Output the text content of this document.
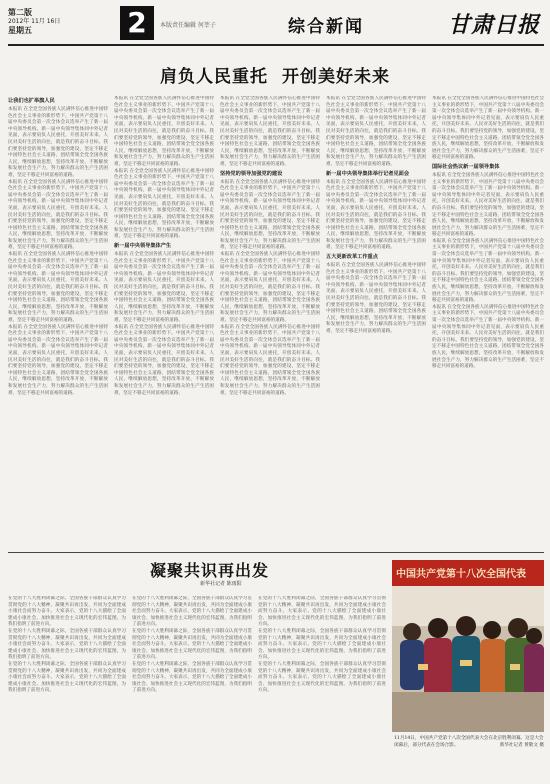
第二版
2012年 11月 16日
星期五	2	本版责任编辑 何莘子	综合新闻	甘肃日报
肩负人民重托 开创美好未来
让我们也扩举旗人民
本报讯 在全党全国各族人民满怀信心推进中国特色社会主义事业的新形势下，中国共产党第十八届中央委员会第一次全体会议选举产生了新一届中央领导机构。新一届中央领导集体同中外记者见面，表示要肩负人民重托，开创美好未来。人民对美好生活的向往，就是我们的奋斗目标。我们要坚持党的领导，加强党的建设，坚定不移走中国特色社会主义道路，团结带领全党全国各族人民，继续解放思想，坚持改革开放，不断解放和发展社会生产力，努力解决群众的生产生活困难，坚定不移走共同富裕的道路。
本报讯 在全党全国各族人民满怀信心推进中国特色社会主义事业的新形势下，中国共产党第十八届中央委员会第一次全体会议选举产生了新一届中央领导机构。新一届中央领导集体同中外记者见面，表示要肩负人民重托，开创美好未来。人民对美好生活的向往，就是我们的奋斗目标。我们要坚持党的领导，加强党的建设，坚定不移走中国特色社会主义道路，团结带领全党全国各族人民，继续解放思想，坚持改革开放，不断解放和发展社会生产力，努力解决群众的生产生活困难，坚定不移走共同富裕的道路。
本报讯 在全党全国各族人民满怀信心推进中国特色社会主义事业的新形势下，中国共产党第十八届中央委员会第一次全体会议选举产生了新一届中央领导机构。新一届中央领导集体同中外记者见面，表示要肩负人民重托，开创美好未来。人民对美好生活的向往，就是我们的奋斗目标。我们要坚持党的领导，加强党的建设，坚定不移走中国特色社会主义道路，团结带领全党全国各族人民，继续解放思想，坚持改革开放，不断解放和发展社会生产力，努力解决群众的生产生活困难，坚定不移走共同富裕的道路。
本报讯 在全党全国各族人民满怀信心推进中国特色社会主义事业的新形势下，中国共产党第十八届中央委员会第一次全体会议选举产生了新一届中央领导机构。新一届中央领导集体同中外记者见面，表示要肩负人民重托，开创美好未来。人民对美好生活的向往，就是我们的奋斗目标。我们要坚持党的领导，加强党的建设，坚定不移走中国特色社会主义道路，团结带领全党全国各族人民，继续解放思想，坚持改革开放，不断解放和发展社会生产力，努力解决群众的生产生活困难，坚定不移走共同富裕的道路。
本报讯 在全党全国各族人民满怀信心推进中国特色社会主义事业的新形势下，中国共产党第十八届中央委员会第一次全体会议选举产生了新一届中央领导机构。新一届中央领导集体同中外记者见面，表示要肩负人民重托，开创美好未来。人民对美好生活的向往，就是我们的奋斗目标。我们要坚持党的领导，加强党的建设，坚定不移走中国特色社会主义道路，团结带领全党全国各族人民，继续解放思想，坚持改革开放，不断解放和发展社会生产力，努力解决群众的生产生活困难，坚定不移走共同富裕的道路。
本报讯 在全党全国各族人民满怀信心推进中国特色社会主义事业的新形势下，中国共产党第十八届中央委员会第一次全体会议选举产生了新一届中央领导机构。新一届中央领导集体同中外记者见面，表示要肩负人民重托，开创美好未来。人民对美好生活的向往，就是我们的奋斗目标。我们要坚持党的领导，加强党的建设，坚定不移走中国特色社会主义道路，团结带领全党全国各族人民，继续解放思想，坚持改革开放，不断解放和发展社会生产力，努力解决群众的生产生活困难，坚定不移走共同富裕的道路。
新一届中央领导集体产生
本报讯 在全党全国各族人民满怀信心推进中国特色社会主义事业的新形势下，中国共产党第十八届中央委员会第一次全体会议选举产生了新一届中央领导机构。新一届中央领导集体同中外记者见面，表示要肩负人民重托，开创美好未来。人民对美好生活的向往，就是我们的奋斗目标。我们要坚持党的领导，加强党的建设，坚定不移走中国特色社会主义道路，团结带领全党全国各族人民，继续解放思想，坚持改革开放，不断解放和发展社会生产力，努力解决群众的生产生活困难，坚定不移走共同富裕的道路。
本报讯 在全党全国各族人民满怀信心推进中国特色社会主义事业的新形势下，中国共产党第十八届中央委员会第一次全体会议选举产生了新一届中央领导机构。新一届中央领导集体同中外记者见面，表示要肩负人民重托，开创美好未来。人民对美好生活的向往，就是我们的奋斗目标。我们要坚持党的领导，加强党的建设，坚定不移走中国特色社会主义道路，团结带领全党全国各族人民，继续解放思想，坚持改革开放，不断解放和发展社会生产力，努力解决群众的生产生活困难，坚定不移走共同富裕的道路。
本报讯 在全党全国各族人民满怀信心推进中国特色社会主义事业的新形势下，中国共产党第十八届中央委员会第一次全体会议选举产生了新一届中央领导机构。新一届中央领导集体同中外记者见面，表示要肩负人民重托，开创美好未来。人民对美好生活的向往，就是我们的奋斗目标。我们要坚持党的领导，加强党的建设，坚定不移走中国特色社会主义道路，团结带领全党全国各族人民，继续解放思想，坚持改革开放，不断解放和发展社会生产力，努力解决群众的生产生活困难，坚定不移走共同富裕的道路。
坚持党的领导加强党的建设
本报讯 在全党全国各族人民满怀信心推进中国特色社会主义事业的新形势下，中国共产党第十八届中央委员会第一次全体会议选举产生了新一届中央领导机构。新一届中央领导集体同中外记者见面，表示要肩负人民重托，开创美好未来。人民对美好生活的向往，就是我们的奋斗目标。我们要坚持党的领导，加强党的建设，坚定不移走中国特色社会主义道路，团结带领全党全国各族人民，继续解放思想，坚持改革开放，不断解放和发展社会生产力，努力解决群众的生产生活困难，坚定不移走共同富裕的道路。
本报讯 在全党全国各族人民满怀信心推进中国特色社会主义事业的新形势下，中国共产党第十八届中央委员会第一次全体会议选举产生了新一届中央领导机构。新一届中央领导集体同中外记者见面，表示要肩负人民重托，开创美好未来。人民对美好生活的向往，就是我们的奋斗目标。我们要坚持党的领导，加强党的建设，坚定不移走中国特色社会主义道路，团结带领全党全国各族人民，继续解放思想，坚持改革开放，不断解放和发展社会生产力，努力解决群众的生产生活困难，坚定不移走共同富裕的道路。
本报讯 在全党全国各族人民满怀信心推进中国特色社会主义事业的新形势下，中国共产党第十八届中央委员会第一次全体会议选举产生了新一届中央领导机构。新一届中央领导集体同中外记者见面，表示要肩负人民重托，开创美好未来。人民对美好生活的向往，就是我们的奋斗目标。我们要坚持党的领导，加强党的建设，坚定不移走中国特色社会主义道路，团结带领全党全国各族人民，继续解放思想，坚持改革开放，不断解放和发展社会生产力，努力解决群众的生产生活困难，坚定不移走共同富裕的道路。
本报讯 在全党全国各族人民满怀信心推进中国特色社会主义事业的新形势下，中国共产党第十八届中央委员会第一次全体会议选举产生了新一届中央领导机构。新一届中央领导集体同中外记者见面，表示要肩负人民重托，开创美好未来。人民对美好生活的向往，就是我们的奋斗目标。我们要坚持党的领导，加强党的建设，坚定不移走中国特色社会主义道路，团结带领全党全国各族人民，继续解放思想，坚持改革开放，不断解放和发展社会生产力，努力解决群众的生产生活困难，坚定不移走共同富裕的道路。
新一届中央领导集体举行记者见面会
本报讯 在全党全国各族人民满怀信心推进中国特色社会主义事业的新形势下，中国共产党第十八届中央委员会第一次全体会议选举产生了新一届中央领导机构。新一届中央领导集体同中外记者见面，表示要肩负人民重托，开创美好未来。人民对美好生活的向往，就是我们的奋斗目标。我们要坚持党的领导，加强党的建设，坚定不移走中国特色社会主义道路，团结带领全党全国各族人民，继续解放思想，坚持改革开放，不断解放和发展社会生产力，努力解决群众的生产生活困难，坚定不移走共同富裕的道路。
五大更新改革工作重点
本报讯 在全党全国各族人民满怀信心推进中国特色社会主义事业的新形势下，中国共产党第十八届中央委员会第一次全体会议选举产生了新一届中央领导机构。新一届中央领导集体同中外记者见面，表示要肩负人民重托，开创美好未来。人民对美好生活的向往，就是我们的奋斗目标。我们要坚持党的领导，加强党的建设，坚定不移走中国特色社会主义道路，团结带领全党全国各族人民，继续解放思想，坚持改革开放，不断解放和发展社会生产力，努力解决群众的生产生活困难，坚定不移走共同富裕的道路。
本报讯 在全党全国各族人民满怀信心推进中国特色社会主义事业的新形势下，中国共产党第十八届中央委员会第一次全体会议选举产生了新一届中央领导机构。新一届中央领导集体同中外记者见面，表示要肩负人民重托，开创美好未来。人民对美好生活的向往，就是我们的奋斗目标。我们要坚持党的领导，加强党的建设，坚定不移走中国特色社会主义道路，团结带领全党全国各族人民，继续解放思想，坚持改革开放，不断解放和发展社会生产力，努力解决群众的生产生活困难，坚定不移走共同富裕的道路。
国际社会热议新一届领导集体
本报讯 在全党全国各族人民满怀信心推进中国特色社会主义事业的新形势下，中国共产党第十八届中央委员会第一次全体会议选举产生了新一届中央领导机构。新一届中央领导集体同中外记者见面，表示要肩负人民重托，开创美好未来。人民对美好生活的向往，就是我们的奋斗目标。我们要坚持党的领导，加强党的建设，坚定不移走中国特色社会主义道路，团结带领全党全国各族人民，继续解放思想，坚持改革开放，不断解放和发展社会生产力，努力解决群众的生产生活困难，坚定不移走共同富裕的道路。
本报讯 在全党全国各族人民满怀信心推进中国特色社会主义事业的新形势下，中国共产党第十八届中央委员会第一次全体会议选举产生了新一届中央领导机构。新一届中央领导集体同中外记者见面，表示要肩负人民重托，开创美好未来。人民对美好生活的向往，就是我们的奋斗目标。我们要坚持党的领导，加强党的建设，坚定不移走中国特色社会主义道路，团结带领全党全国各族人民，继续解放思想，坚持改革开放，不断解放和发展社会生产力，努力解决群众的生产生活困难，坚定不移走共同富裕的道路。
本报讯 在全党全国各族人民满怀信心推进中国特色社会主义事业的新形势下，中国共产党第十八届中央委员会第一次全体会议选举产生了新一届中央领导机构。新一届中央领导集体同中外记者见面，表示要肩负人民重托，开创美好未来。人民对美好生活的向往，就是我们的奋斗目标。我们要坚持党的领导，加强党的建设，坚定不移走中国特色社会主义道路，团结带领全党全国各族人民，继续解放思想，坚持改革开放，不断解放和发展社会生产力，努力解决群众的生产生活困难，坚定不移走共同富裕的道路。
凝聚共识再出发
新华社记者 陈雨阳
在党的十八大胜利闭幕之际，全国各族干部群众认真学习贯彻党的十八大精神，凝聚共识再出发，共同为全面建成小康社会而努力奋斗。大家表示，党的十八大描绘了全面建成小康社会、加快推进社会主义现代化的宏伟蓝图，为我们指明了前进方向。
在党的十八大胜利闭幕之际，全国各族干部群众认真学习贯彻党的十八大精神，凝聚共识再出发，共同为全面建成小康社会而努力奋斗。大家表示，党的十八大描绘了全面建成小康社会、加快推进社会主义现代化的宏伟蓝图，为我们指明了前进方向。
在党的十八大胜利闭幕之际，全国各族干部群众认真学习贯彻党的十八大精神，凝聚共识再出发，共同为全面建成小康社会而努力奋斗。大家表示，党的十八大描绘了全面建成小康社会、加快推进社会主义现代化的宏伟蓝图，为我们指明了前进方向。
在党的十八大胜利闭幕之际，全国各族干部群众认真学习贯彻党的十八大精神，凝聚共识再出发，共同为全面建成小康社会而努力奋斗。大家表示，党的十八大描绘了全面建成小康社会、加快推进社会主义现代化的宏伟蓝图，为我们指明了前进方向。
在党的十八大胜利闭幕之际，全国各族干部群众认真学习贯彻党的十八大精神，凝聚共识再出发，共同为全面建成小康社会而努力奋斗。大家表示，党的十八大描绘了全面建成小康社会、加快推进社会主义现代化的宏伟蓝图，为我们指明了前进方向。
在党的十八大胜利闭幕之际，全国各族干部群众认真学习贯彻党的十八大精神，凝聚共识再出发，共同为全面建成小康社会而努力奋斗。大家表示，党的十八大描绘了全面建成小康社会、加快推进社会主义现代化的宏伟蓝图，为我们指明了前进方向。
在党的十八大胜利闭幕之际，全国各族干部群众认真学习贯彻党的十八大精神，凝聚共识再出发，共同为全面建成小康社会而努力奋斗。大家表示，党的十八大描绘了全面建成小康社会、加快推进社会主义现代化的宏伟蓝图，为我们指明了前进方向。
在党的十八大胜利闭幕之际，全国各族干部群众认真学习贯彻党的十八大精神，凝聚共识再出发，共同为全面建成小康社会而努力奋斗。大家表示，党的十八大描绘了全面建成小康社会、加快推进社会主义现代化的宏伟蓝图，为我们指明了前进方向。
在党的十八大胜利闭幕之际，全国各族干部群众认真学习贯彻党的十八大精神，凝聚共识再出发，共同为全面建成小康社会而努力奋斗。大家表示，党的十八大描绘了全面建成小康社会、加快推进社会主义现代化的宏伟蓝图，为我们指明了前进方向。
中国共产党第十八次全国代表
11月14日，中国共产党第十八次全国代表大会在北京胜利闭幕。这是大会闭幕后，部分代表在会场合影。	新华社记者 黄敬文 摄
